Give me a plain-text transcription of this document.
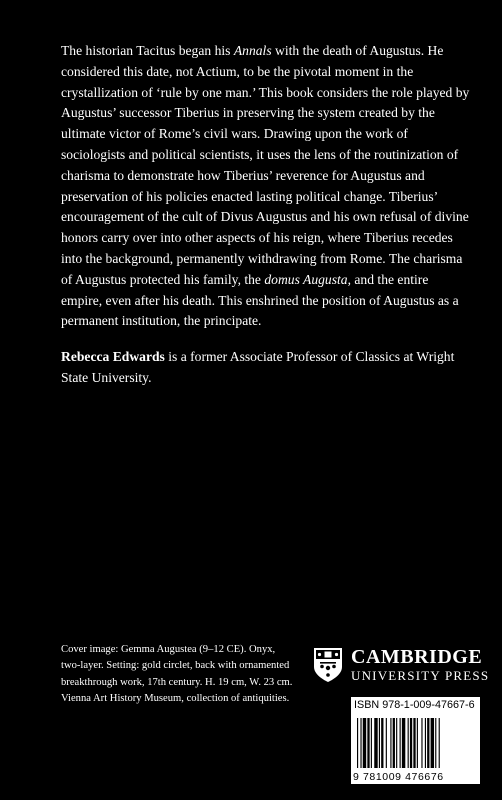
The historian Tacitus began his Annals with the death of Augustus. He considered this date, not Actium, to be the pivotal moment in the crystallization of ‘rule by one man.’ This book considers the role played by Augustus’ successor Tiberius in preserving the system created by the ultimate victor of Rome’s civil wars. Drawing upon the work of sociologists and political scientists, it uses the lens of the routinization of charisma to demonstrate how Tiberius’ reverence for Augustus and preservation of his policies enacted lasting political change. Tiberius’ encouragement of the cult of Divus Augustus and his own refusal of divine honors carry over into other aspects of his reign, where Tiberius recedes into the background, permanently withdrawing from Rome. The charisma of Augustus protected his family, the domus Augusta, and the entire empire, even after his death. This enshrined the position of Augustus as a permanent institution, the principate.

Rebecca Edwards is a former Associate Professor of Classics at Wright State University.

Cover image: Gemma Augustea (9–12 CE). Onyx, two-layer. Setting: gold circlet, back with ornamented breakthrough work, 17th century. H. 19 cm, W. 23 cm. Vienna Art History Museum, collection of antiquities.

CAMBRIDGE
UNIVERSITY PRESS
ISBN 978-1-009-47667-6
9 781009 476676
